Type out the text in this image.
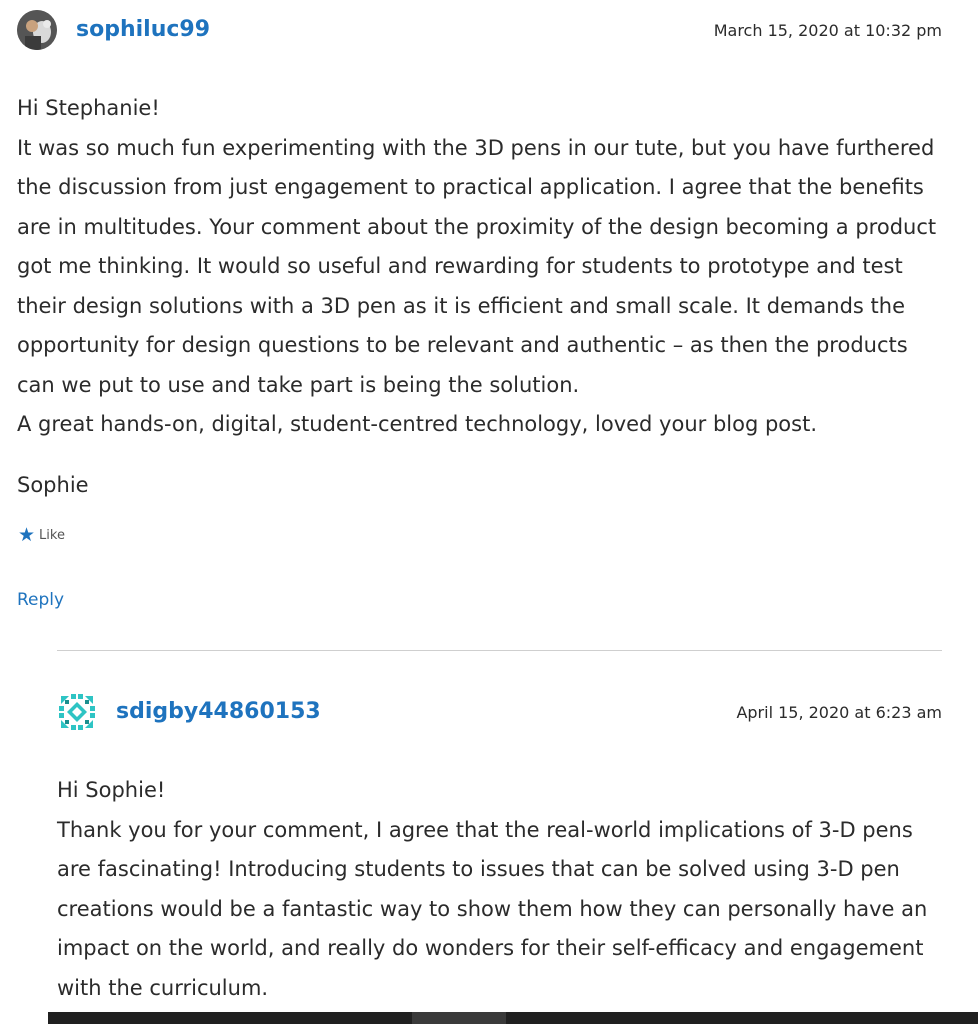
sophiluc99	March 15, 2020 at 10:32 pm

Hi Stephanie!

It was so much fun experimenting with the 3D pens in our tute, but you have furthered the discussion from just engagement to practical application. I agree that the benefits are in multitudes. Your comment about the proximity of the design becoming a product got me thinking. It would so useful and rewarding for students to prototype and test their design solutions with a 3D pen as it is efficient and small scale. It demands the opportunity for design questions to be relevant and authentic – as then the products can we put to use and take part is being the solution.

A great hands-on, digital, student-centred technology, loved your blog post.

Sophie
★ Like
Reply
sdigby44860153	April 15, 2020 at 6:23 am

Hi Sophie!

Thank you for your comment, I agree that the real-world implications of 3-D pens are fascinating! Introducing students to issues that can be solved using 3-D pen creations would be a fantastic way to show them how they can personally have an impact on the world, and really do wonders for their self-efficacy and engagement with the curriculum.
